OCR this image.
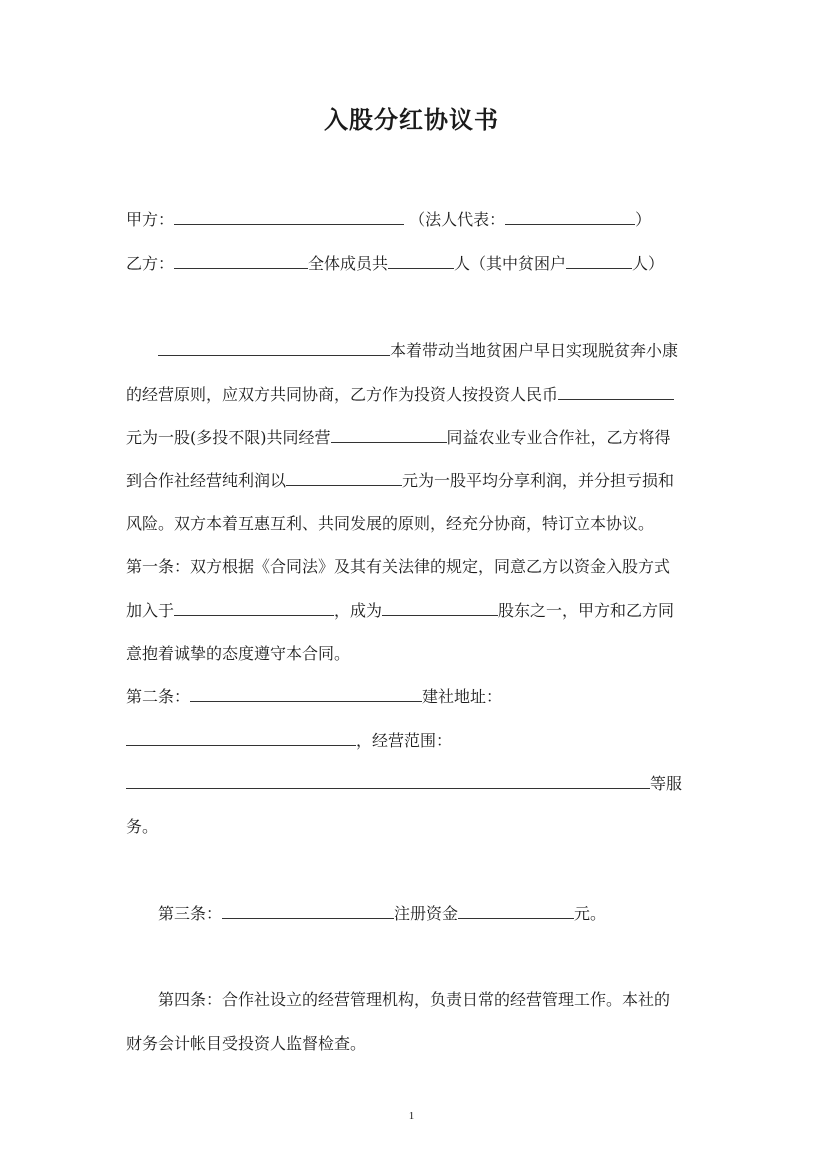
入股分红协议书
甲方：	（法人代表：	）
乙方：	全体成员共	人（其中贫困户	人）
本着带动当地贫困户早日实现脱贫奔小康
的经营原则，应双方共同协商，乙方作为投资人按投资人民币
元为一股(多投不限)共同经营	同益农业专业合作社，乙方将得
到合作社经营纯利润以	元为一股平均分享利润，并分担亏损和
风险。双方本着互惠互利、共同发展的原则，经充分协商，特订立本协议。
第一条：双方根据《合同法》及其有关法律的规定，同意乙方以资金入股方式
加入于	，成为	股东之一，甲方和乙方同
意抱着诚挚的态度遵守本合同。
第二条：	建社地址：
，经营范围：
等服
务。
第三条：	注册资金	元。
第四条：合作社设立的经营管理机构，负责日常的经营管理工作。本社的
财务会计帐目受投资人监督检查。
1
